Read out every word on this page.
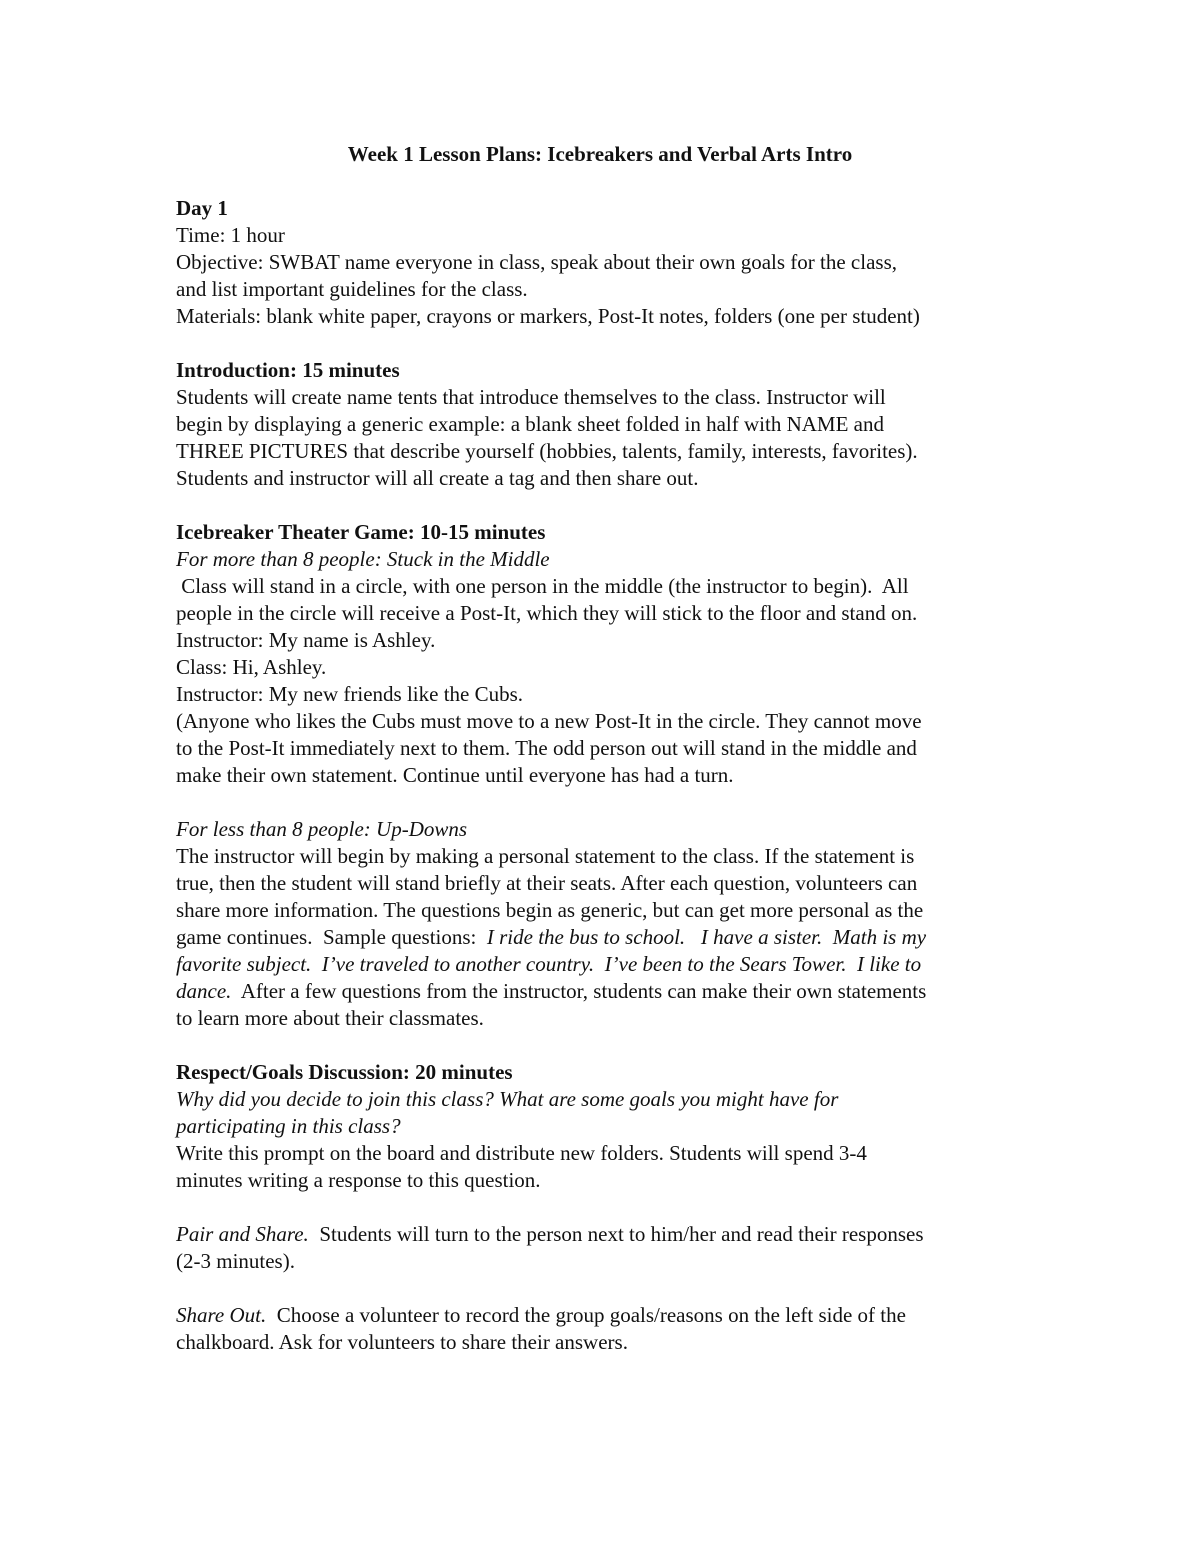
Week 1 Lesson Plans: Icebreakers and Verbal Arts Intro
Day 1
Time: 1 hour
Objective: SWBAT name everyone in class, speak about their own goals for the class,
and list important guidelines for the class.
Materials: blank white paper, crayons or markers, Post-It notes, folders (one per student)
Introduction: 15 minutes
Students will create name tents that introduce themselves to the class. Instructor will
begin by displaying a generic example: a blank sheet folded in half with NAME and
THREE PICTURES that describe yourself (hobbies, talents, family, interests, favorites).
Students and instructor will all create a tag and then share out.
Icebreaker Theater Game: 10-15 minutes
For more than 8 people: Stuck in the Middle
Class will stand in a circle, with one person in the middle (the instructor to begin).  All
people in the circle will receive a Post-It, which they will stick to the floor and stand on.
Instructor: My name is Ashley.
Class: Hi, Ashley.
Instructor: My new friends like the Cubs.
(Anyone who likes the Cubs must move to a new Post-It in the circle. They cannot move
to the Post-It immediately next to them. The odd person out will stand in the middle and
make their own statement. Continue until everyone has had a turn.
For less than 8 people: Up-Downs
The instructor will begin by making a personal statement to the class. If the statement is
true, then the student will stand briefly at their seats. After each question, volunteers can
share more information. The questions begin as generic, but can get more personal as the
game continues.  Sample questions:  I ride the bus to school.   I have a sister.  Math is my
favorite subject.  I’ve traveled to another country.  I’ve been to the Sears Tower.  I like to
dance.  After a few questions from the instructor, students can make their own statements
to learn more about their classmates.
Respect/Goals Discussion: 20 minutes
Why did you decide to join this class? What are some goals you might have for
participating in this class?
Write this prompt on the board and distribute new folders. Students will spend 3-4
minutes writing a response to this question.
Pair and Share.  Students will turn to the person next to him/her and read their responses
(2-3 minutes).
Share Out.  Choose a volunteer to record the group goals/reasons on the left side of the
chalkboard. Ask for volunteers to share their answers.
